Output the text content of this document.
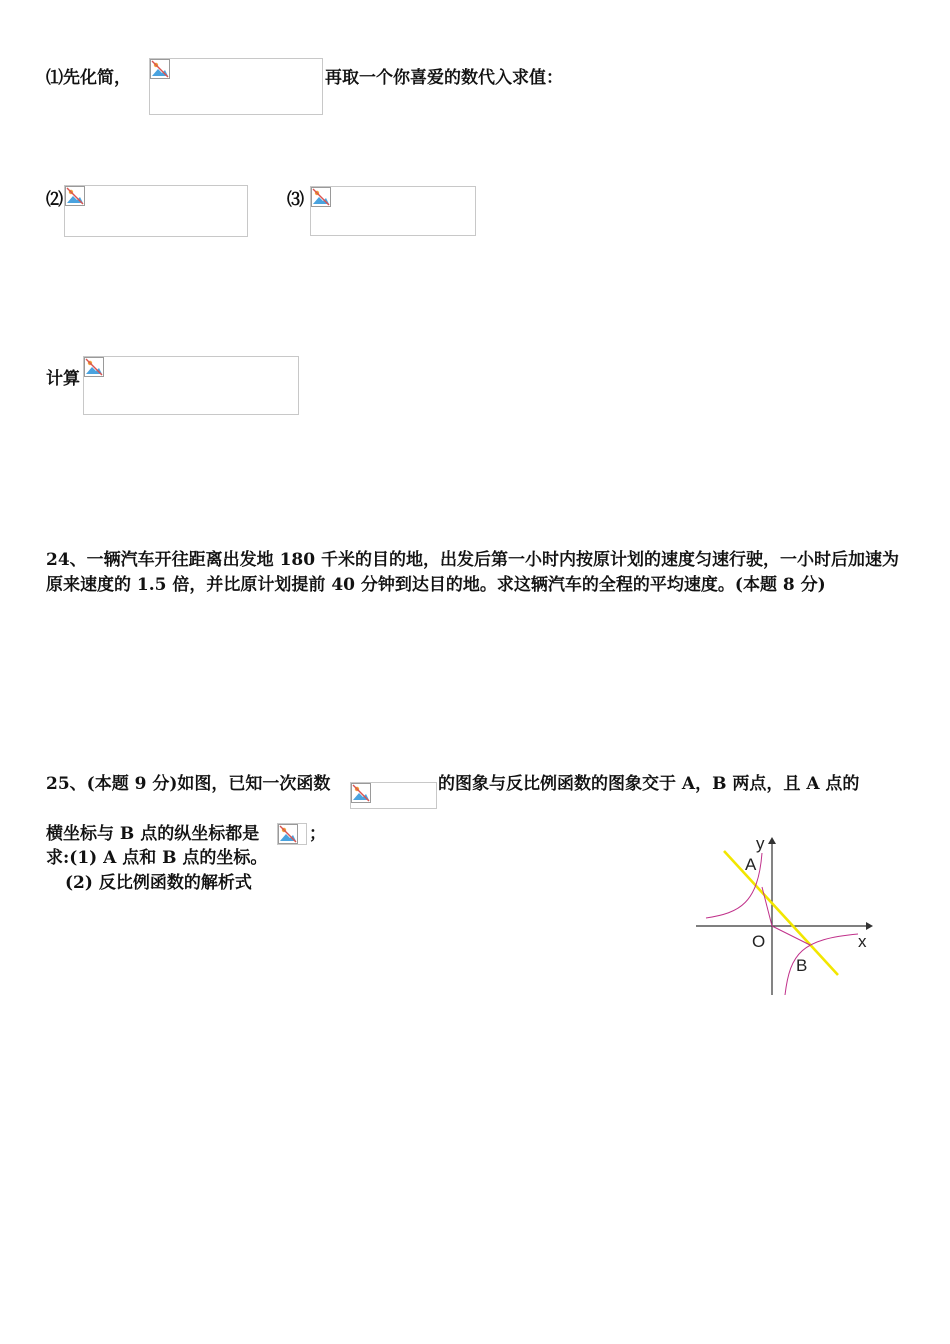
⑴先化简，	再取一个你喜爱的数代入求值：
⑵	⑶
计算
24、一辆汽车开往距离出发地 180 千米的目的地，出发后第一小时内按原计划的速度匀速行驶，一小时后加速为原来速度的 1.5 倍，并比原计划提前 40 分钟到达目的地。求这辆汽车的全程的平均速度。(本题 8 分)
25、(本题 9 分)如图，已知一次函数	的图象与反比例函数的图象交于 A，B 两点，且 A 点的
横坐标与 B 点的纵坐标都是	；
求:(1) A 点和 B 点的坐标。
(2) 反比例函数的解析式
y
x
O
A
B
